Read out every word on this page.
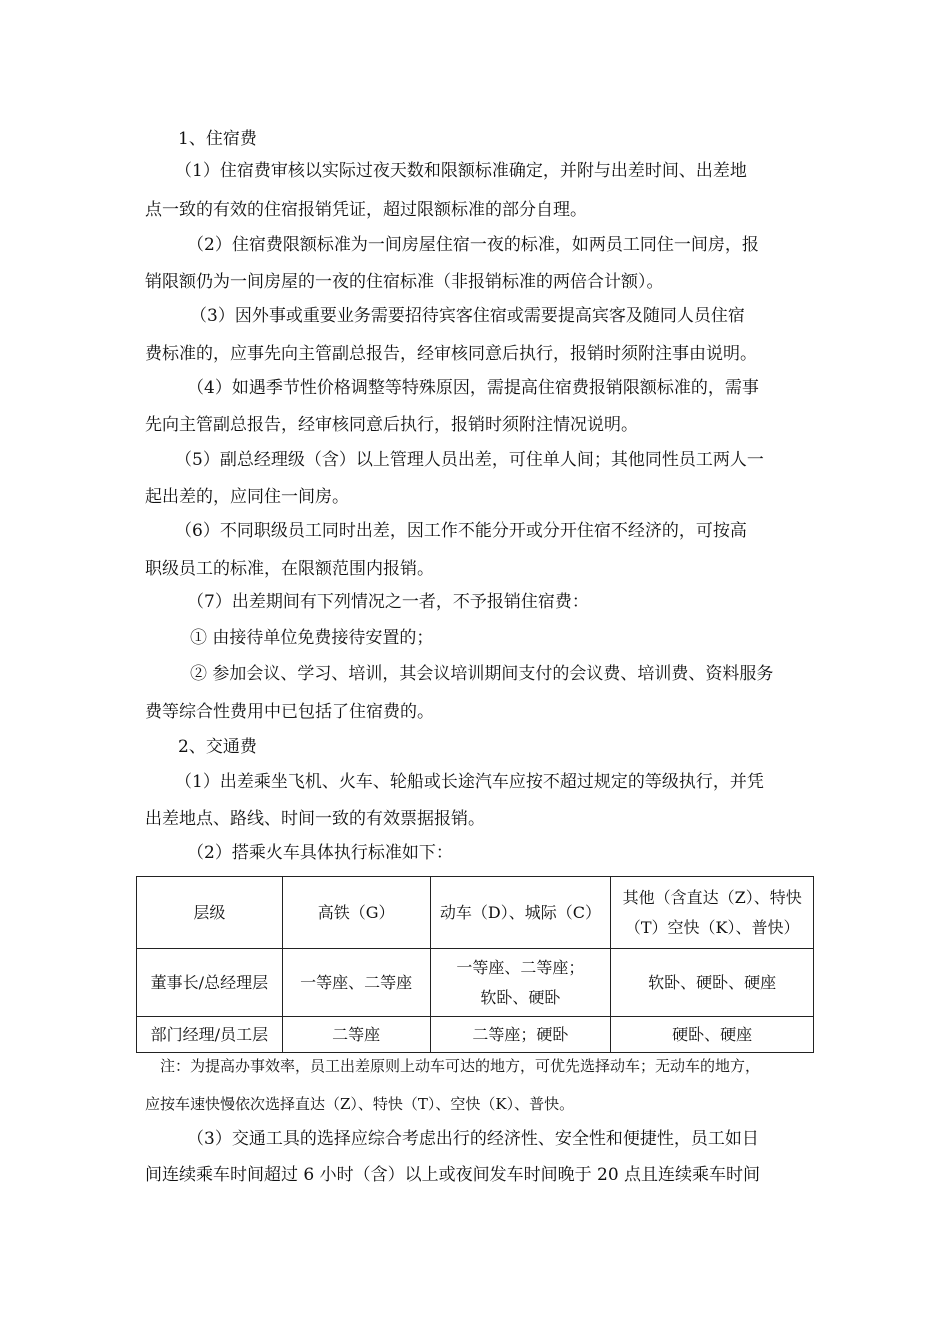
1、住宿费
（1）住宿费审核以实际过夜天数和限额标准确定，并附与出差时间、出差地
点一致的有效的住宿报销凭证，超过限额标准的部分自理。
（2）住宿费限额标准为一间房屋住宿一夜的标准，如两员工同住一间房，报
销限额仍为一间房屋的一夜的住宿标准（非报销标准的两倍合计额）。
（3）因外事或重要业务需要招待宾客住宿或需要提高宾客及随同人员住宿
费标准的，应事先向主管副总报告，经审核同意后执行，报销时须附注事由说明。
（4）如遇季节性价格调整等特殊原因，需提高住宿费报销限额标准的，需事
先向主管副总报告，经审核同意后执行，报销时须附注情况说明。
（5）副总经理级（含）以上管理人员出差，可住单人间；其他同性员工两人一
起出差的，应同住一间房。
（6）不同职级员工同时出差，因工作不能分开或分开住宿不经济的，可按高
职级员工的标准，在限额范围内报销。
（7）出差期间有下列情况之一者，不予报销住宿费：
① 由接待单位免费接待安置的；
② 参加会议、学习、培训，其会议培训期间支付的会议费、培训费、资料服务
费等综合性费用中已包括了住宿费的。
2、交通费
（1）出差乘坐飞机、火车、轮船或长途汽车应按不超过规定的等级执行，并凭
出差地点、路线、时间一致的有效票据报销。
（2）搭乘火车具体执行标准如下：
层级	高铁（G）	动车（D）、城际（C）	其他（含直达（Z）、特快
（T）空快（K）、普快）

董事长/总经理层	一等座、二等座	一等座、二等座；
软卧、硬卧	软卧、硬卧、硬座
部门经理/员工层	二等座	二等座；硬卧	硬卧、硬座
注：为提高办事效率，员工出差原则上动车可达的地方，可优先选择动车；无动车的地方，
应按车速快慢依次选择直达（Z）、特快（T）、空快（K）、普快。
（3）交通工具的选择应综合考虑出行的经济性、安全性和便捷性，员工如日
间连续乘车时间超过 6 小时（含）以上或夜间发车时间晚于 20 点且连续乘车时间
